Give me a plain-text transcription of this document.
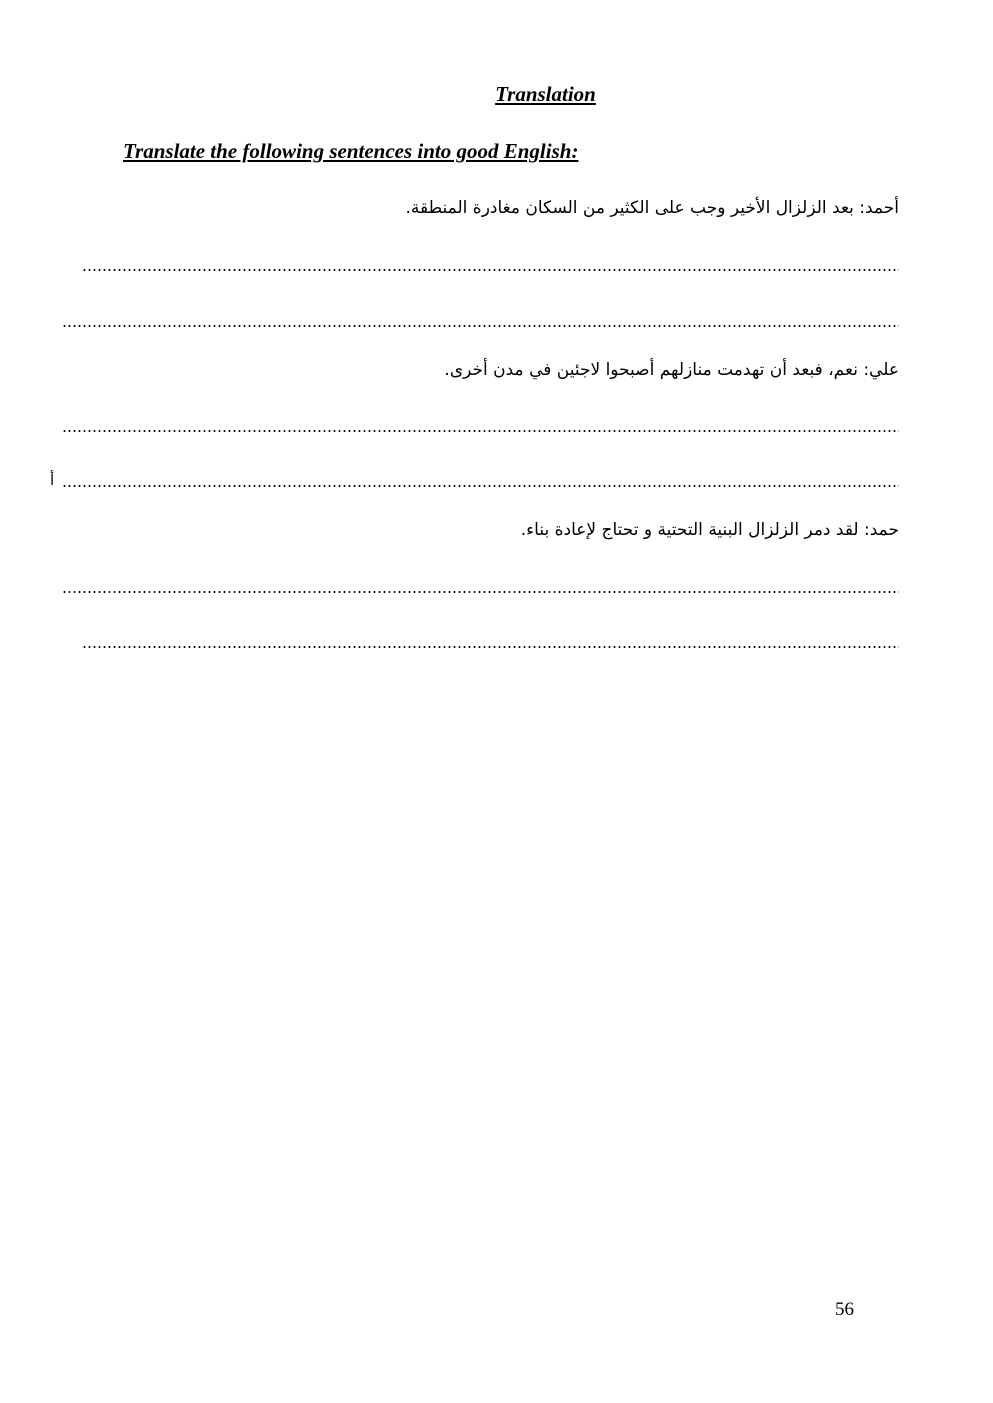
Translation

Translate the following sentences into good English:

أحمد: بعد الزلزال الأخير وجب على الكثير من السكان مغادرة المنطقة.

علي: نعم، فبعد أن تهدمت منازلهم أصبحوا لاجئين في مدن أخرى.

أ

حمد: لقد دمر الزلزال البنية التحتية و تحتاج لإعادة بناء.

56
